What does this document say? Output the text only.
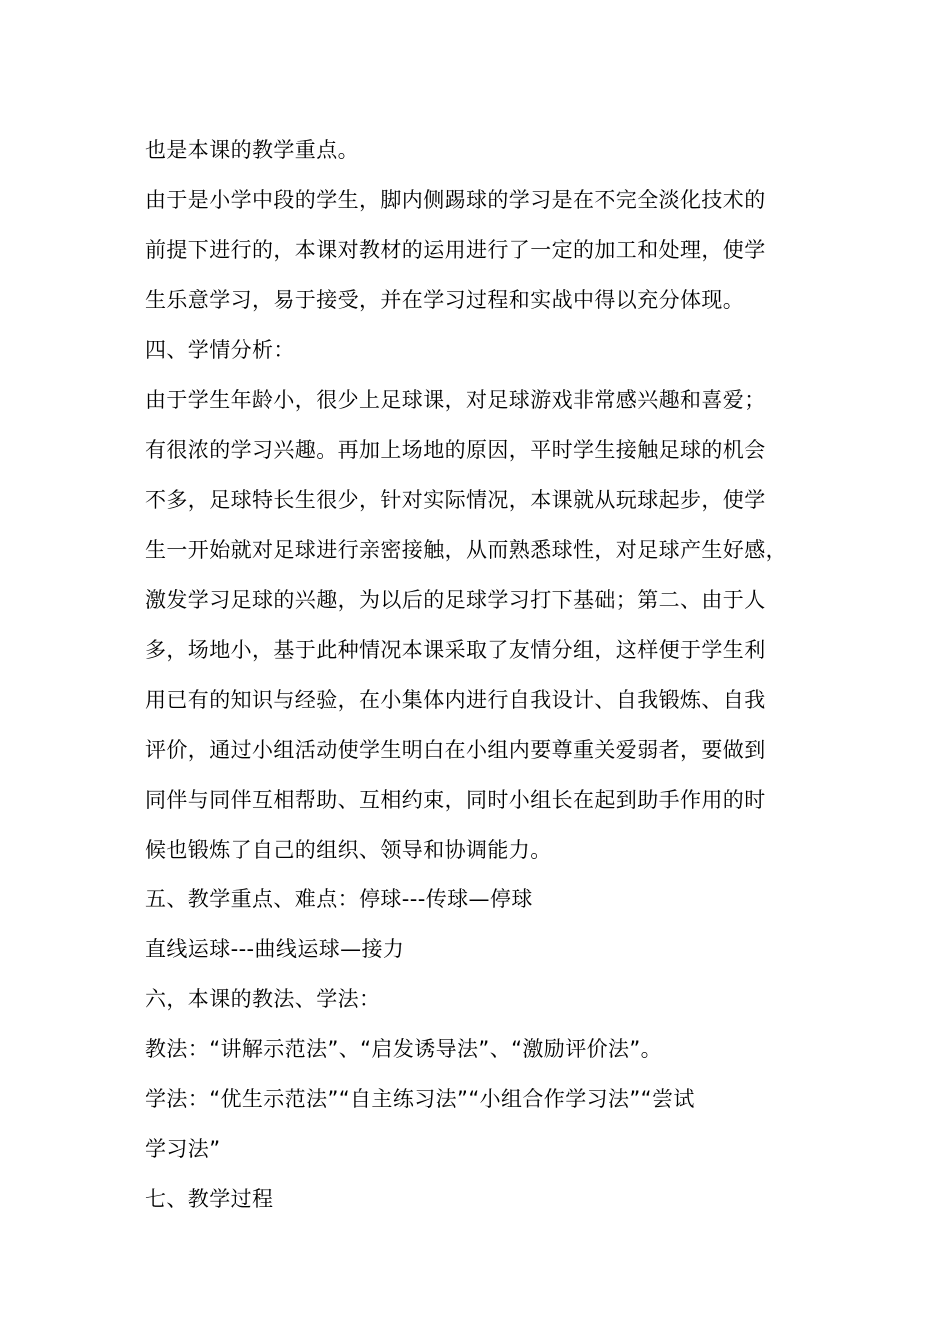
也是本课的教学重点。
由于是小学中段的学生，脚内侧踢球的学习是在不完全淡化技术的
前提下进行的，本课对教材的运用进行了一定的加工和处理，使学
生乐意学习，易于接受，并在学习过程和实战中得以充分体现。
四、学情分析：
由于学生年龄小，很少上足球课，对足球游戏非常感兴趣和喜爱；
有很浓的学习兴趣。再加上场地的原因，平时学生接触足球的机会
不多，足球特长生很少，针对实际情况，本课就从玩球起步，使学
生一开始就对足球进行亲密接触，从而熟悉球性，对足球产生好感，
激发学习足球的兴趣，为以后的足球学习打下基础；第二、由于人
多，场地小，基于此种情况本课采取了友情分组，这样便于学生利
用已有的知识与经验，在小集体内进行自我设计、自我锻炼、自我
评价，通过小组活动使学生明白在小组内要尊重关爱弱者，要做到
同伴与同伴互相帮助、互相约束，同时小组长在起到助手作用的时
候也锻炼了自己的组织、领导和协调能力。
五、教学重点、难点：停球---传球—停球
直线运球---曲线运球—接力
六，本课的教法、学法：
教法：“讲解示范法”、“启发诱导法”、“激励评价法”。
学法：“优生示范法”“自主练习法”“小组合作学习法”“尝试
学习法”
七、教学过程
